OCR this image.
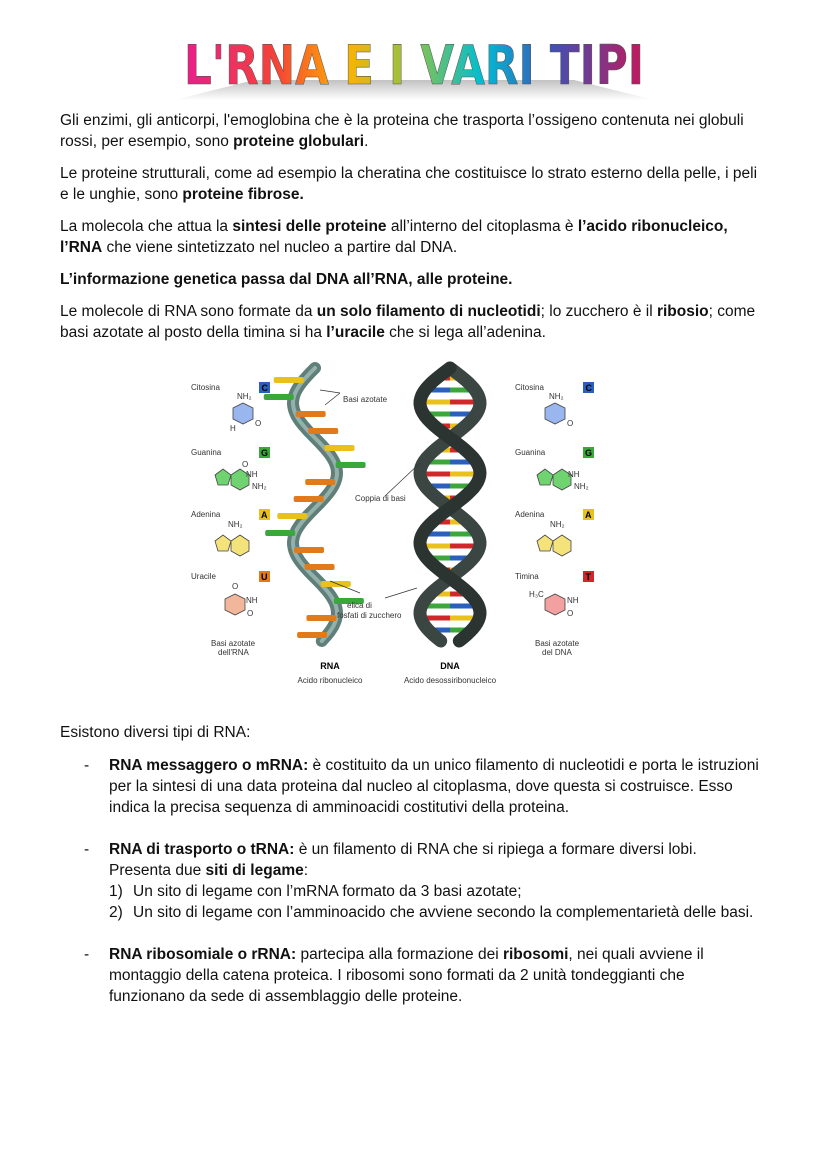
L'RNA E I VARI TIPI

Gli enzimi, gli anticorpi, l'emoglobina che è la proteina che trasporta l’ossigeno contenuta nei globuli rossi, per esempio, sono proteine globulari.

Le proteine strutturali, come ad esempio la cheratina che costituisce lo strato esterno della pelle, i peli e le unghie, sono proteine fibrose.

La molecola che attua la sintesi delle proteine all’interno del citoplasma è l’acido ribonucleico, l’RNA che viene sintetizzato nel nucleo a partire dal DNA.

L’informazione genetica passa dal DNA all’RNA, alle proteine.

Le molecole di RNA sono formate da un solo filamento di nucleotidi; lo zucchero è il ribosio; come basi azotate al posto della timina si ha l’uracile che si lega all’adenina.

Basi azotate
Coppia di basi
elica di
fosfati di zucchero
Citosina	C
NH₂
H
O
Guanina	G
O
NH
NH₂
Adenina	A
NH₂
Uracile	U
O
NH
O
Basi azotate
dell'RNA
Citosina	C
NH₂
O
Guanina	G
NH
NH₂
Adenina	A
NH₂
Timina	T
H₃C
NH
O
Basi azotate
del DNA
RNA
Acido ribonucleico
DNA
Acido desossiribonucleico

Esistono diversi tipi di RNA:

- RNA messaggero o mRNA: è costituito da un unico filamento di nucleotidi e porta le istruzioni per la sintesi di una data proteina dal nucleo al citoplasma, dove questa si costruisce. Esso indica la precisa sequenza di amminoacidi costitutivi della proteina.
- RNA di trasporto o tRNA: è un filamento di RNA che si ripiega a formare diversi lobi. Presenta due siti di legame:
1) Un sito di legame con l’mRNA formato da 3 basi azotate;
2) Un sito di legame con l’amminoacido che avviene secondo la complementarietà delle basi.
- RNA ribosomiale o rRNA: partecipa alla formazione dei ribosomi, nei quali avviene il montaggio della catena proteica. I ribosomi sono formati da 2 unità tondeggianti che funzionano da sede di assemblaggio delle proteine.
